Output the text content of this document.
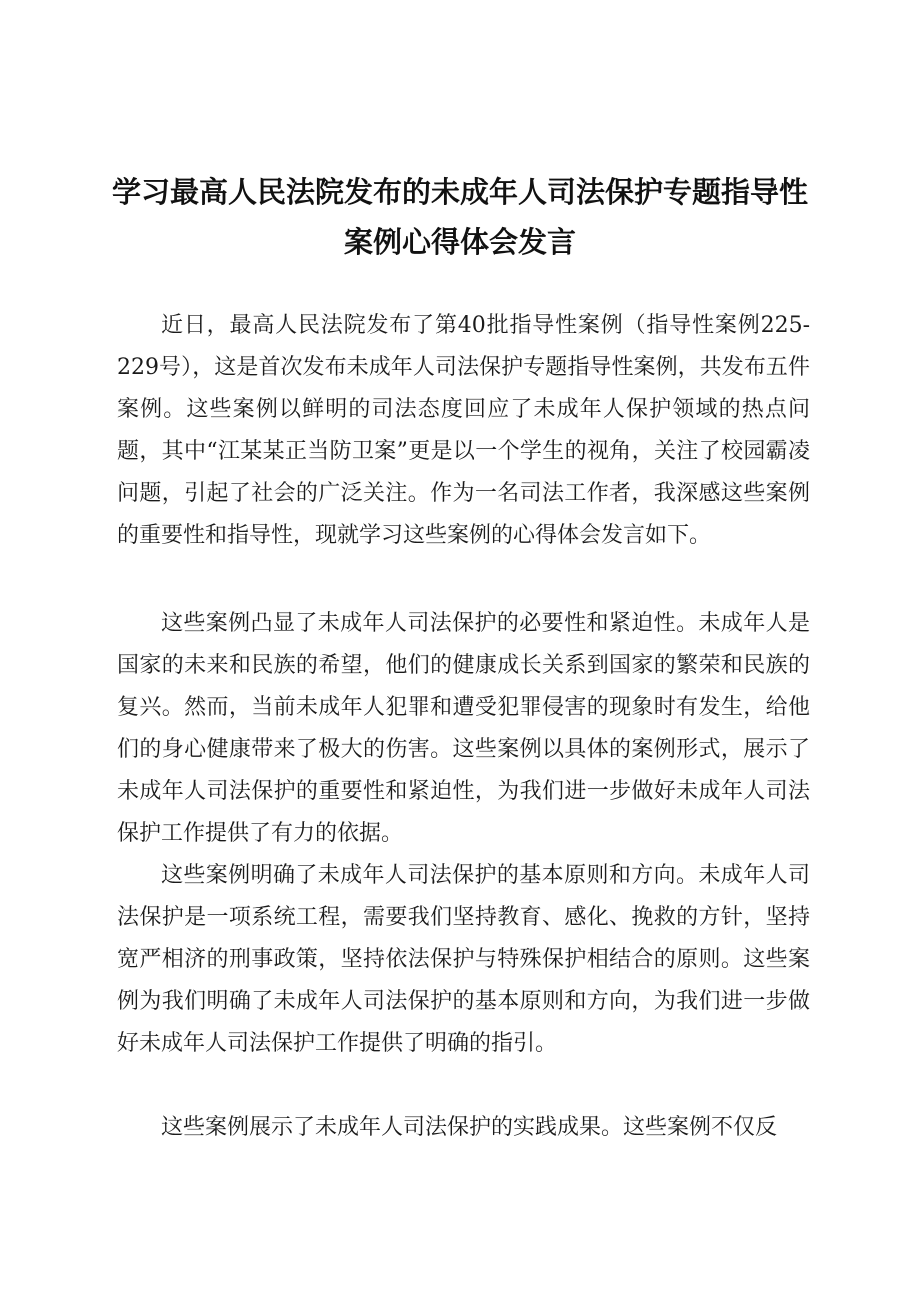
学习最高人民法院发布的未成年人司法保护专题指导性
案例心得体会发言

近日，最高人民法院发布了第40批指导性案例（指导性案例225-229号），这是首次发布未成年人司法保护专题指导性案例，共发布五件案例。这些案例以鲜明的司法态度回应了未成年人保护领域的热点问题，其中“江某某正当防卫案”更是以一个学生的视角，关注了校园霸凌问题，引起了社会的广泛关注。作为一名司法工作者，我深感这些案例的重要性和指导性，现就学习这些案例的心得体会发言如下。

这些案例凸显了未成年人司法保护的必要性和紧迫性。未成年人是国家的未来和民族的希望，他们的健康成长关系到国家的繁荣和民族的复兴。然而，当前未成年人犯罪和遭受犯罪侵害的现象时有发生，给他们的身心健康带来了极大的伤害。这些案例以具体的案例形式，展示了未成年人司法保护的重要性和紧迫性，为我们进一步做好未成年人司法保护工作提供了有力的依据。

这些案例明确了未成年人司法保护的基本原则和方向。未成年人司法保护是一项系统工程，需要我们坚持教育、感化、挽救的方针，坚持宽严相济的刑事政策，坚持依法保护与特殊保护相结合的原则。这些案例为我们明确了未成年人司法保护的基本原则和方向，为我们进一步做好未成年人司法保护工作提供了明确的指引。

这些案例展示了未成年人司法保护的实践成果。这些案例不仅反
